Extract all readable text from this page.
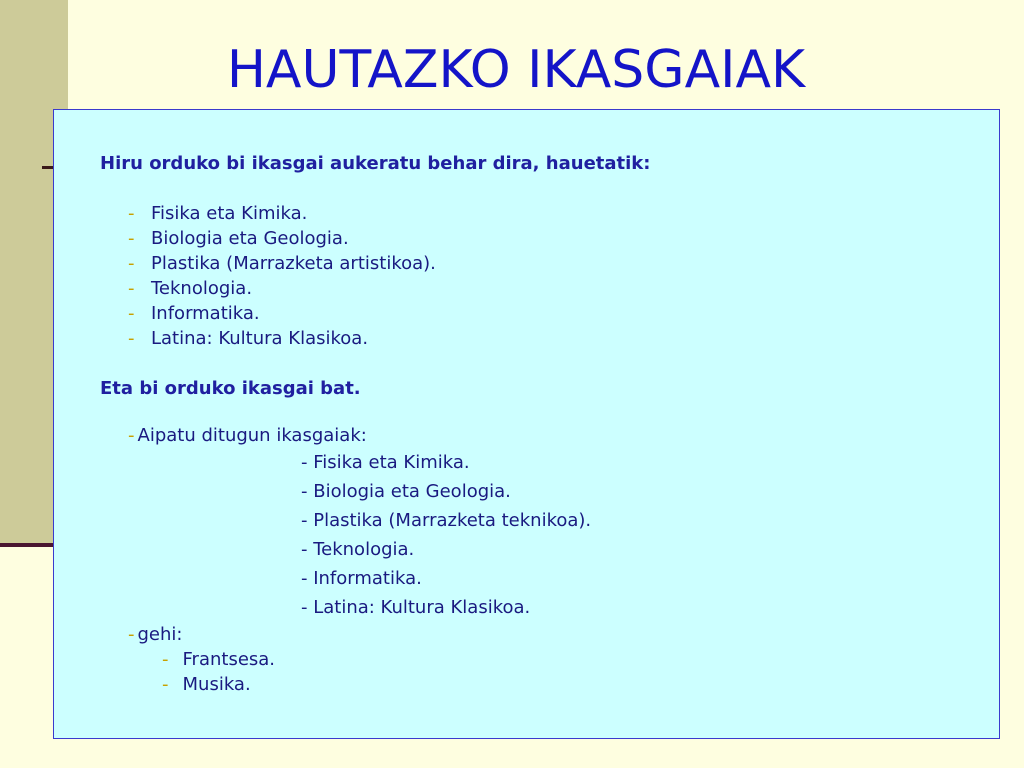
HAUTAZKO IKASGAIAK
Hiru orduko bi ikasgai aukeratu behar dira, hauetatik:
- Fisika eta Kimika.
- Biologia eta Geologia.
- Plastika (Marrazketa artistikoa).
- Teknologia.
- Informatika.
- Latina: Kultura Klasikoa.
Eta bi orduko ikasgai bat.
- Aipatu ditugun ikasgaiak:
- Fisika eta Kimika.
- Biologia eta Geologia.
- Plastika (Marrazketa teknikoa).
- Teknologia.
- Informatika.
- Latina: Kultura Klasikoa.
- gehi:
- Frantsesa.
- Musika.
